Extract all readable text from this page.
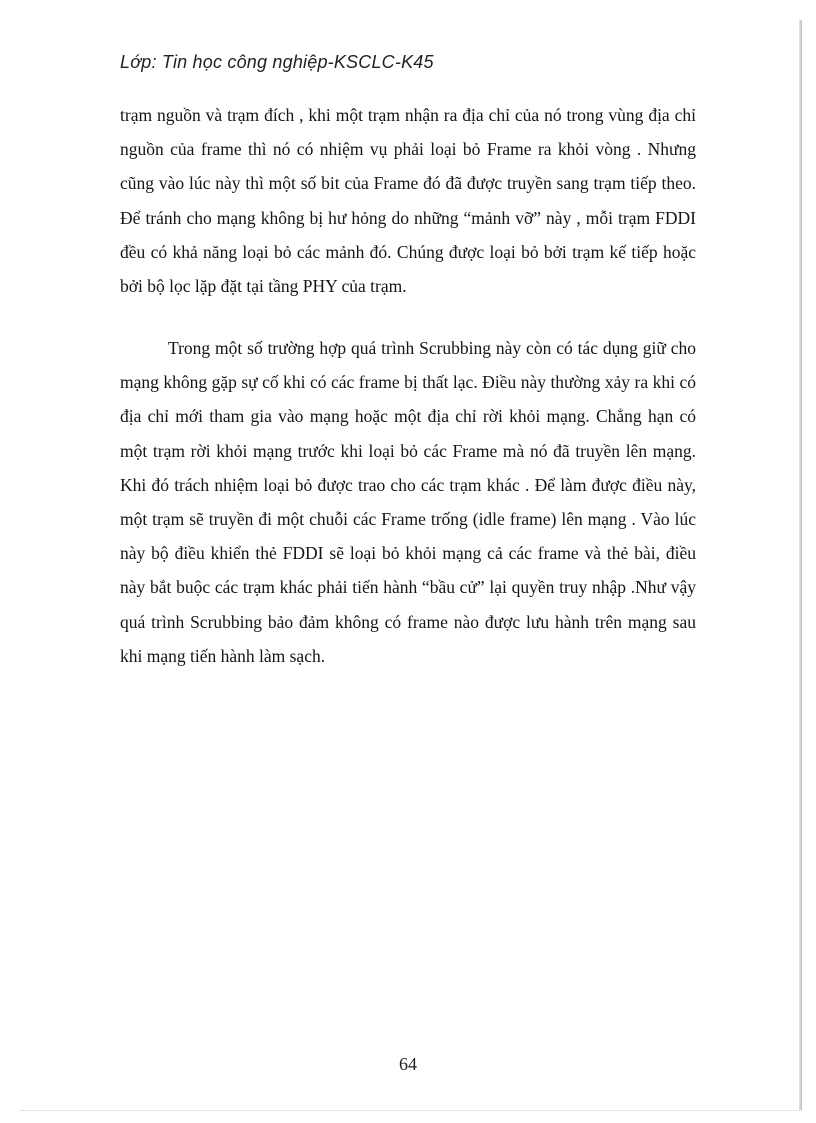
Lớp: Tin học công nghiệp-KSCLC-K45

trạm nguồn và trạm đích , khi một trạm nhận ra địa chỉ của nó trong vùng địa chỉ nguồn của frame thì nó có nhiệm vụ phải loại bỏ Frame ra khỏi vòng . Nhưng cũng vào lúc này thì một số bit của Frame đó đã được truyền sang trạm tiếp theo. Để tránh cho mạng không bị hư hỏng do những “mảnh vỡ” này , mỗi trạm FDDI đều có khả năng loại bỏ các mảnh đó. Chúng được loại bỏ bởi trạm kế tiếp hoặc bởi bộ lọc lặp đặt tại tầng PHY của trạm.

Trong một số trường hợp quá trình Scrubbing này còn có tác dụng giữ cho mạng không gặp sự cố khi có các frame bị thất lạc. Điều này thường xảy ra khi có địa chỉ mới tham gia vào mạng hoặc một địa chỉ rời khỏi mạng. Chẳng hạn có một trạm rời khỏi mạng trước khi loại bỏ các Frame mà nó đã truyền lên mạng. Khi đó trách nhiệm loại bỏ được trao cho các trạm khác . Để làm được điều này, một trạm sẽ truyền đi một chuỗi các Frame trống (idle frame) lên mạng . Vào lúc này bộ điều khiển thẻ FDDI sẽ loại bỏ khỏi mạng cả các frame và thẻ bài, điều này bắt buộc các trạm khác phải tiến hành “bầu cử” lại quyền truy nhập .Như vậy quá trình Scrubbing bảo đảm không có frame nào được lưu hành trên mạng sau khi mạng tiến hành làm sạch.

64
